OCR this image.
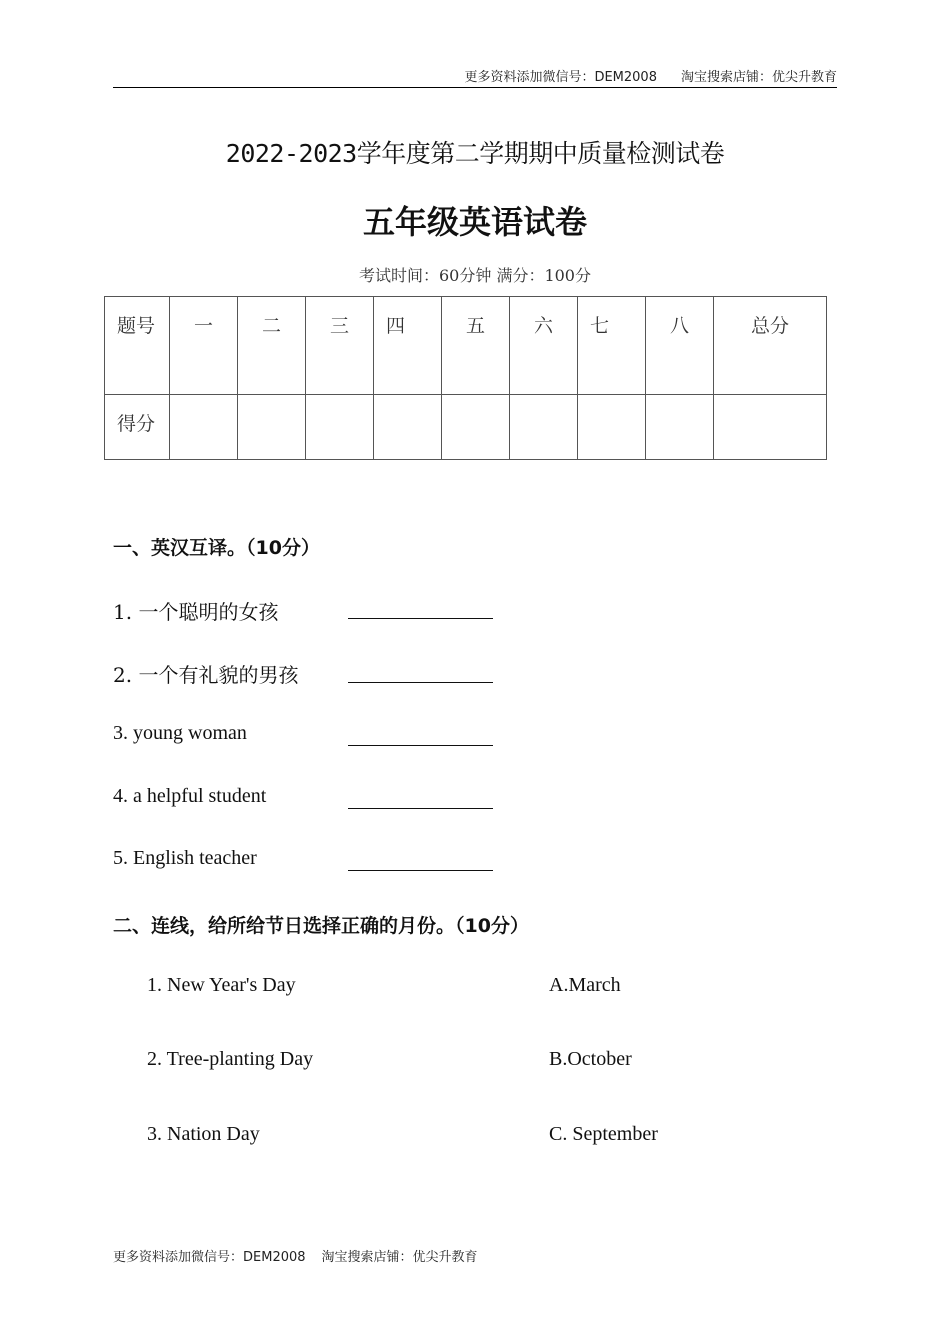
更多资料添加微信号：DEM2008 淘宝搜索店铺：优尖升教育
2022-2023学年度第二学期期中质量检测试卷
五年级英语试卷
考试时间：60分钟 满分：100分
题号	一	二	三	四	五	六	七	八	总分
得分									
一、英汉互译。（10分）
1. 一个聪明的女孩
2. 一个有礼貌的男孩
3. young woman
4. a helpful student
5. English teacher
二、连线，给所给节日选择正确的月份。（10分）
1. New Year's Day	A.March
2. Tree-planting Day	B.October
3. Nation Day	C. September
更多资料添加微信号：DEM2008 淘宝搜索店铺：优尖升教育
